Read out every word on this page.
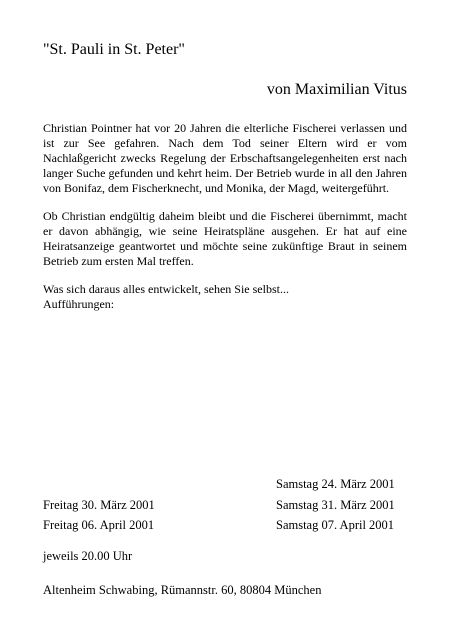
"St. Pauli in St. Peter"
von Maximilian Vitus
Christian Pointner hat vor 20 Jahren die elterliche Fischerei verlassen und ist zur See gefahren. Nach dem Tod seiner Eltern wird er vom Nachlaßgericht zwecks Regelung der Erbschaftsangelegenheiten erst nach langer Suche gefunden und kehrt heim. Der Betrieb wurde in all den Jahren von Bonifaz, dem Fischerknecht, und Monika, der Magd, weitergeführt.
Ob Christian endgültig daheim bleibt und die Fischerei übernimmt, macht er davon abhängig, wie seine Heiratspläne ausgehen. Er hat auf eine Heiratsanzeige geantwortet und möchte seine zukünftige Braut in seinem Betrieb zum ersten Mal treffen.
Was sich daraus alles entwickelt, sehen Sie selbst...
Aufführungen:
Samstag 24. März 2001
Freitag 30. März 2001	Samstag 31. März 2001
Freitag 06. April 2001	Samstag 07. April 2001
jeweils 20.00 Uhr
Altenheim Schwabing, Rümannstr. 60, 80804 München
